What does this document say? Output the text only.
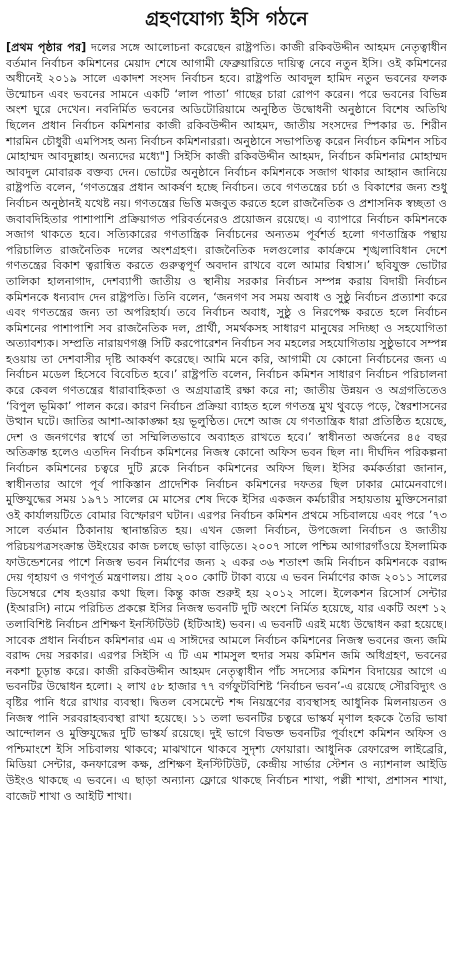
গ্রহণযোগ্য ইসি গঠনে
[প্রথম পৃষ্ঠার পর] দলের সঙ্গে আলোচনা করেছেন রাষ্ট্রপতি। কাজী রকিবউদ্দীন আহমদ নেতৃত্বাধীন বর্তমান নির্বাচন কমিশনের মেয়াদ শেষে আগামী ফেব্রুয়ারিতে দায়িত্ব নেবে নতুন ইসি। ওই কমিশনের অধীনেই ২০১৯ সালে একাদশ সংসদ নির্বাচন হবে। রাষ্ট্রপতি আবদুল হামিদ নতুন ভবনের ফলক উন্মোচন এবং ভবনের সামনে একটি ‘লাল পাতা’ গাছের চারা রোপণ করেন। পরে ভবনের বিভিন্ন অংশ ঘুরে দেখেন। নবনির্মিত ভবনের অডিটোরিয়ামে অনুষ্ঠিত উদ্বোধনী অনুষ্ঠানে বিশেষ অতিথি ছিলেন প্রধান নির্বাচন কমিশনার কাজী রকিবউদ্দীন আহমদ, জাতীয় সংসদের স্পিকার ড. শিরীন শারমিন চৌধুরী এমপিসহ অন্য নির্বাচন কমিশনাররা। অনুষ্ঠানে সভাপতিত্ব করেন নির্বাচন কমিশন সচিব মোহাম্মদ আবদুল্লাহ। অন্যদের মধ্যে"] সিইসি কাজী রকিবউদ্দীন আহমদ, নির্বাচন কমিশনার মোহাম্মদ আবদুল মোবারক বক্তব্য দেন। ভোটের অনুষ্ঠানে নির্বাচন কমিশনকে সজাগ থাকার আহ্বান জানিয়ে রাষ্ট্রপতি বলেন, ‘গণতন্ত্রের প্রধান আকর্ষণ হচ্ছে নির্বাচন। তবে গণতন্ত্রের চর্চা ও বিকাশের জন্য শুধু নির্বাচন অনুষ্ঠানই যথেষ্ট নয়। গণতন্ত্রের ভিত্তি মজবুত করতে হলে রাজনৈতিক ও প্রশাসনিক স্বচ্ছতা ও জবাবদিহিতার পাশাপাশি প্রক্রিয়াগত পরিবর্তনেরও প্রয়োজন রয়েছে। এ ব্যাপারে নির্বাচন কমিশনকে সজাগ থাকতে হবে। সত্যিকারের গণতান্ত্রিক নির্বাচনের অন্যতম পূর্বশর্ত হলো গণতান্ত্রিক পন্থায় পরিচালিত রাজনৈতিক দলের অংশগ্রহণ। রাজনৈতিক দলগুলোর কার্যক্রমে শৃঙ্খলাবিধান দেশে গণতন্ত্রের বিকাশ ত্বরান্বিত করতে গুরুত্বপূর্ণ অবদান রাখবে বলে আমার বিশ্বাস।’ ছবিযুক্ত ভোটার তালিকা হালনাগাদ, দেশব্যাপী জাতীয় ও স্থানীয় সরকার নির্বাচন সম্পন্ন করায় বিদায়ী নির্বাচন কমিশনকে ধন্যবাদ দেন রাষ্ট্রপতি। তিনি বলেন, ‘জনগণ সব সময় অবাধ ও সুষ্ঠু নির্বাচন প্রত্যাশা করে এবং গণতন্ত্রের জন্য তা অপরিহার্য। তবে নির্বাচন অবাধ, সুষ্ঠু ও নিরপেক্ষ করতে হলে নির্বাচন কমিশনের পাশাপাশি সব রাজনৈতিক দল, প্রার্থী, সমর্থকসহ সাধারণ মানুষের সদিচ্ছা ও সহযোগিতা অত্যাবশ্যক। সম্প্রতি নারায়ণগঞ্জ সিটি করপোরেশন নির্বাচন সব মহলের সহযোগিতায় সুষ্ঠুভাবে সম্পন্ন হওয়ায় তা দেশবাসীর দৃষ্টি আকর্ষণ করেছে। আমি মনে করি, আগামী যে কোনো নির্বাচনের জন্য এ নির্বাচন মডেল হিসেবে বিবেচিত হবে।’ রাষ্ট্রপতি বলেন, নির্বাচন কমিশন সাধারণ নির্বাচন পরিচালনা করে কেবল গণতন্ত্রের ধারাবাহিকতা ও অগ্রযাত্রাই রক্ষা করে না; জাতীয় উন্নয়ন ও অগ্রগতিতেও ‘বিপুল ভূমিকা’ পালন করে। কারণ নির্বাচন প্রক্রিয়া ব্যাহত হলে গণতন্ত্র মুখ থুবড়ে পড়ে, স্বৈরশাসনের উত্থান ঘটে। জাতির আশা-আকাঙ্ক্ষা হয় ভূলুণ্ঠিত। দেশে আজ যে গণতান্ত্রিক ধারা প্রতিষ্ঠিত হয়েছে, দেশ ও জনগণের স্বার্থে তা সম্মিলিতভাবে অব্যাহত রাখতে হবে।’ স্বাধীনতা অর্জনের ৪৫ বছর অতিক্রান্ত হলেও এতদিন নির্বাচন কমিশনের নিজস্ব কোনো অফিস ভবন ছিল না। দীর্ঘদিন পরিকল্পনা নির্বাচন কমিশনের চত্বরে দুটি ব্লকে নির্বাচন কমিশনের অফিস ছিল। ইসির কর্মকর্তারা জানান, স্বাধীনতার আগে পূর্ব পাকিস্তান প্রাদেশিক নির্বাচন কমিশনের দফতর ছিল ঢাকার মোমেনবাগে। মুক্তিযুদ্ধের সময় ১৯৭১ সালের মে মাসের শেষ দিকে ইসির একজন কর্মচারীর সহায়তায় মুক্তিসেনারা ওই কার্যালয়টিতে বোমার বিস্ফোরণ ঘটান। এরপর নির্বাচন কমিশন প্রথমে সচিবালয়ে এবং পরে ’৭৩ সালে বর্তমান ঠিকানায় স্থানান্তরিত হয়। এখন জেলা নির্বাচন, উপজেলা নির্বাচন ও জাতীয় পরিচয়পত্রসংক্রান্ত উইংয়ের কাজ চলছে ভাড়া বাড়িতে। ২০০৭ সালে পশ্চিম আগারগাঁওয়ে ইসলামিক ফাউন্ডেশনের পাশে নিজস্ব ভবন নির্মাণের জন্য ২ একর ৩৬ শতাংশ জমি নির্বাচন কমিশনকে বরাদ্দ দেয় গৃহায়ণ ও গণপূর্ত মন্ত্রণালয়। প্রায় ২০০ কোটি টাকা ব্যয়ে এ ভবন নির্মাণের কাজ ২০১১ সালের ডিসেম্বরে শেষ হওয়ার কথা ছিল। কিন্তু কাজ শুরুই হয় ২০১২ সালে। ইলেকশন রিসোর্স সেন্টার (ইআরসি) নামে পরিচিত প্রকল্পে ইসির নিজস্ব ভবনটি দুটি অংশে নির্মিত হয়েছে, যার একটি অংশ ১২ তলাবিশিষ্ট নির্বাচন প্রশিক্ষণ ইনস্টিটিউট (ইটিআই) ভবন। এ ভবনটি এরই মধ্যে উদ্বোধন করা হয়েছে। সাবেক প্রধান নির্বাচন কমিশনার এম এ সাঈদের আমলে নির্বাচন কমিশনের নিজস্ব ভবনের জন্য জমি বরাদ্দ দেয় সরকার। এরপর সিইসি এ টি এম শামসুল হুদার সময় কমিশন জমি অধিগ্রহণ, ভবনের নকশা চূড়ান্ত করে। কাজী রকিবউদ্দীন আহমদ নেতৃত্বাধীন পাঁচ সদস্যের কমিশন বিদায়ের আগে এ ভবনটির উদ্বোধন হলো। ২ লাখ ৫৮ হাজার ৭৭ বর্গফুটবিশিষ্ট ‘নির্বাচন ভবন’-এ রয়েছে সৌরবিদ্যুৎ ও বৃষ্টির পানি ধরে রাখার ব্যবস্থা। দ্বিতল বেসমেন্টে শব্দ নিয়ন্ত্রণের ব্যবস্থাসহ আধুনিক মিলনায়তন ও নিজস্ব পানি সরবরাহব্যবস্থা রাখা হয়েছে। ১১ তলা ভবনটির চত্বরে ভাস্কর্য মৃণাল হককে তৈরি ভাষা আন্দোলন ও মুক্তিযুদ্ধের দুটি ভাস্কর্য রয়েছে। দুই ভাগে বিভক্ত ভবনটির পূর্বাংশে কমিশন অফিস ও পশ্চিমাংশে ইসি সচিবালয় থাকবে; মাঝখানে থাকবে সুদৃশ্য ফোয়ারা। আধুনিক রেফারেন্স লাইব্রেরি, মিডিয়া সেন্টার, কনফারেন্স কক্ষ, প্রশিক্ষণ ইনস্টিটিউট, কেন্দ্রীয় সার্ভার স্টেশন ও ন্যাশনাল আইডি উইংও থাকছে এ ভবনে। এ ছাড়া অন্যান্য ফ্লোরে থাকছে নির্বাচন শাখা, পল্লী শাখা, প্রশাসন শাখা, বাজেট শাখা ও আইটি শাখা।
